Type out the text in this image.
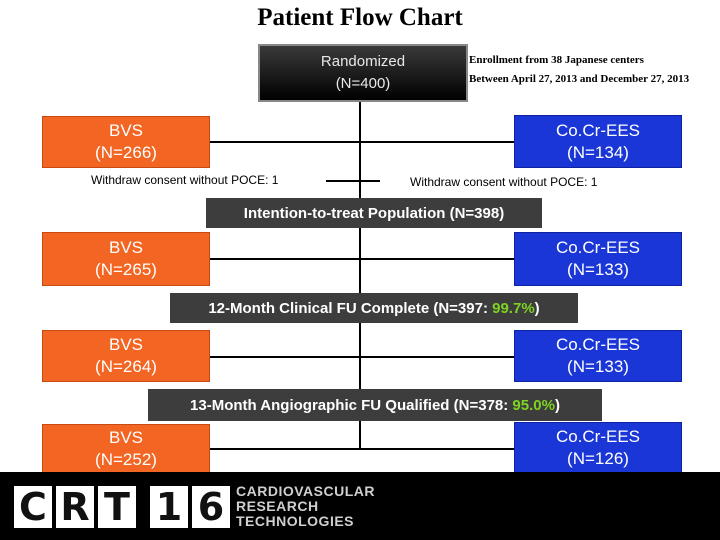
Patient Flow Chart
Randomized
(N=400)
Enrollment from 38 Japanese centers
Between April 27, 2013 and December 27, 2013
BVS
(N=266)
Co.Cr-EES
(N=134)
Withdraw consent without POCE: 1	Withdraw consent without POCE: 1
Intention-to-treat Population (N=398)
BVS
(N=265)
Co.Cr-EES
(N=133)
12-Month Clinical FU Complete (N=397: 99.7% )
BVS
(N=264)
Co.Cr-EES
(N=133)
13-Month Angiographic FU Qualified (N=378: 95.0% )
BVS
(N=252)
Co.Cr-EES
(N=126)
C R T 1 6 CARDIOVASCULAR
RESEARCH
TECHNOLOGIES
